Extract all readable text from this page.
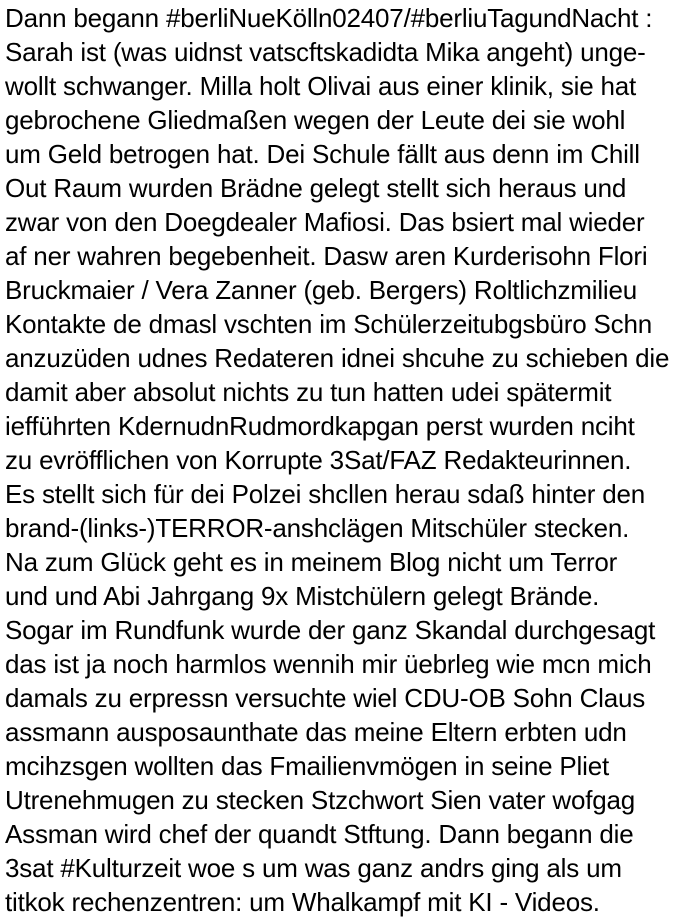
Dann begann #berliNueKölln02407/#berliuTagundNacht :
Sarah ist (was uidnst vatscftskadidta Mika angeht) unge-
wollt schwanger. Milla holt Olivai aus einer klinik, sie hat
gebrochene Gliedmaßen wegen der Leute dei sie wohl
um Geld betrogen hat. Dei Schule fällt aus denn im Chill
Out Raum wurden Brädne gelegt stellt sich heraus und
zwar von den Doegdealer Mafiosi. Das bsiert mal wieder
af ner wahren begebenheit. Dasw aren Kurderisohn Flori
Bruckmaier / Vera Zanner (geb. Bergers) Roltlichzmilieu
Kontakte de dmasl vschten im Schülerzeitubgsbüro Schn
anzuzüden udnes Redateren idnei shcuhe zu schieben die
damit aber absolut nichts zu tun hatten udei spätermit
iefführten KdernudnRudmordkapgan perst wurden nciht
zu evröfflichen von Korrupte 3Sat/FAZ Redakteurinnen.
Es stellt sich für dei Polzei shcllen herau sdaß hinter den
brand-(links-)TERROR-anshclägen Mitschüler stecken.
Na zum Glück geht es in meinem Blog nicht um Terror
und und Abi Jahrgang 9x Mistchülern gelegt Brände.
Sogar im Rundfunk wurde der ganz Skandal durchgesagt
das ist ja noch harmlos wennih mir üebrleg wie mcn mich
damals zu erpressn versuchte wiel CDU-OB Sohn Claus
assmann ausposaunthate das meine Eltern erbten udn
mcihzsgen wollten das Fmailienvmögen in seine Pliet
Utrenehmugen zu stecken Stzchwort Sien vater wofgag
Assman wird chef der quandt Stftung. Dann begann die
3sat #Kulturzeit woe s um was ganz andrs ging als um
titkok rechenzentren: um Whalkampf mit KI - Videos.
